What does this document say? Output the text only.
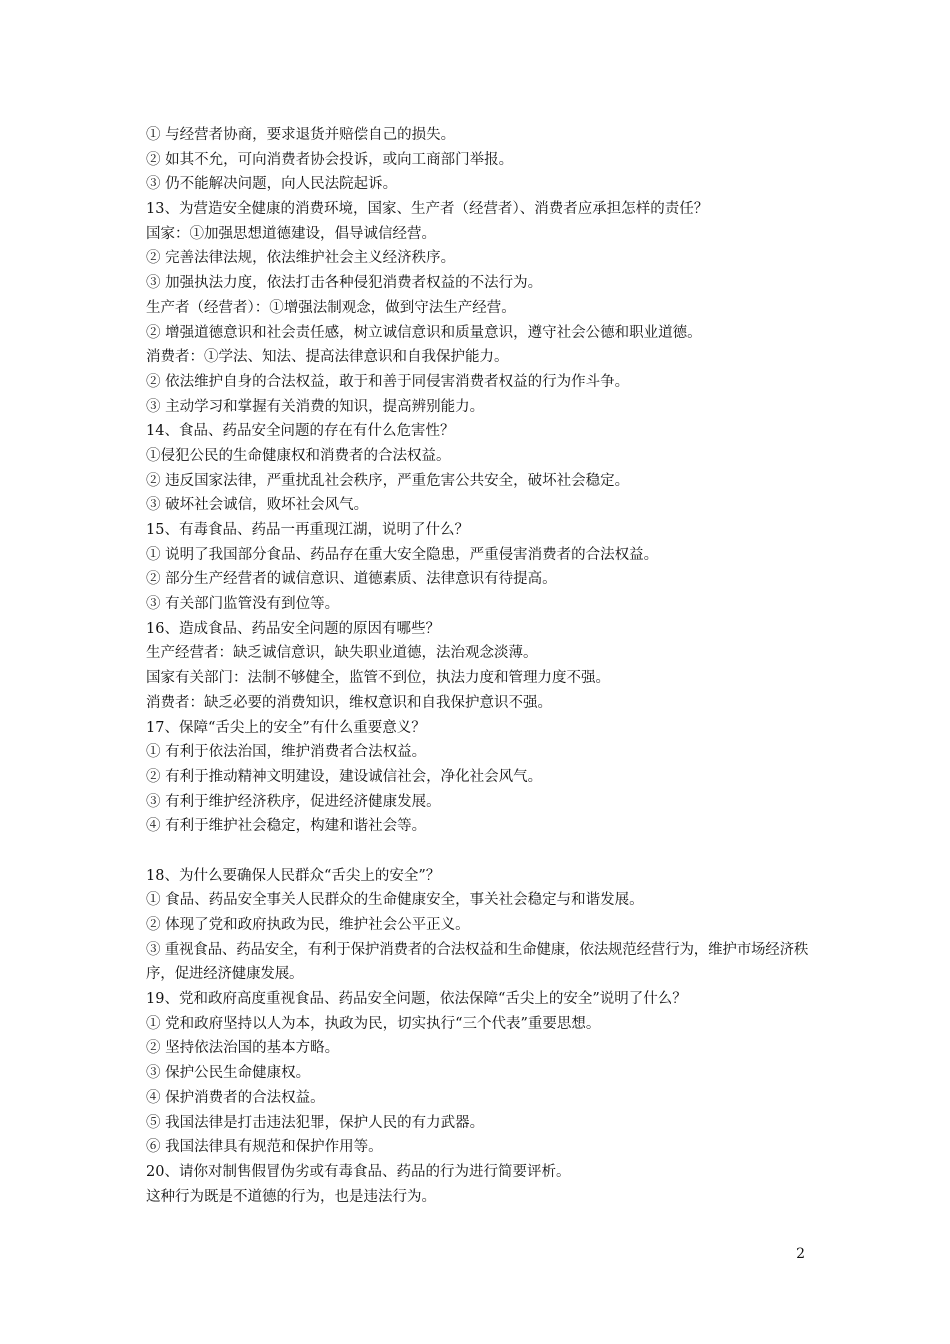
① 与经营者协商，要求退货并赔偿自己的损失。
② 如其不允，可向消费者协会投诉，或向工商部门举报。
③ 仍不能解决问题，向人民法院起诉。
13、为营造安全健康的消费环境，国家、生产者（经营者）、消费者应承担怎样的责任？
国家：①加强思想道德建设，倡导诚信经营。
② 完善法律法规，依法维护社会主义经济秩序。
③ 加强执法力度，依法打击各种侵犯消费者权益的不法行为。
生产者（经营者）：①增强法制观念，做到守法生产经营。
② 增强道德意识和社会责任感，树立诚信意识和质量意识，遵守社会公德和职业道德。
消费者：①学法、知法、提高法律意识和自我保护能力。
② 依法维护自身的合法权益，敢于和善于同侵害消费者权益的行为作斗争。
③ 主动学习和掌握有关消费的知识，提高辨别能力。
14、食品、药品安全问题的存在有什么危害性？
①侵犯公民的生命健康权和消费者的合法权益。
② 违反国家法律，严重扰乱社会秩序，严重危害公共安全，破坏社会稳定。
③ 破坏社会诚信，败坏社会风气。
15、有毒食品、药品一再重现江湖，说明了什么？
① 说明了我国部分食品、药品存在重大安全隐患，严重侵害消费者的合法权益。
② 部分生产经营者的诚信意识、道德素质、法律意识有待提高。
③ 有关部门监管没有到位等。
16、造成食品、药品安全问题的原因有哪些？
生产经营者：缺乏诚信意识，缺失职业道德，法治观念淡薄。
国家有关部门：法制不够健全，监管不到位，执法力度和管理力度不强。
消费者：缺乏必要的消费知识，维权意识和自我保护意识不强。
17、保障“舌尖上的安全”有什么重要意义？
① 有利于依法治国，维护消费者合法权益。
② 有利于推动精神文明建设，建设诚信社会，净化社会风气。
③ 有利于维护经济秩序，促进经济健康发展。
④ 有利于维护社会稳定，构建和谐社会等。
18、为什么要确保人民群众“舌尖上的安全”？
① 食品、药品安全事关人民群众的生命健康安全，事关社会稳定与和谐发展。
② 体现了党和政府执政为民，维护社会公平正义。
③ 重视食品、药品安全，有利于保护消费者的合法权益和生命健康，依法规范经营行为，维护市场经济秩序，促进经济健康发展。
19、党和政府高度重视食品、药品安全问题，依法保障“舌尖上的安全”说明了什么？
① 党和政府坚持以人为本，执政为民，切实执行“三个代表”重要思想。
② 坚持依法治国的基本方略。
③ 保护公民生命健康权。
④ 保护消费者的合法权益。
⑤ 我国法律是打击违法犯罪，保护人民的有力武器。
⑥ 我国法律具有规范和保护作用等。
20、请你对制售假冒伪劣或有毒食品、药品的行为进行简要评析。
这种行为既是不道德的行为，也是违法行为。
2
